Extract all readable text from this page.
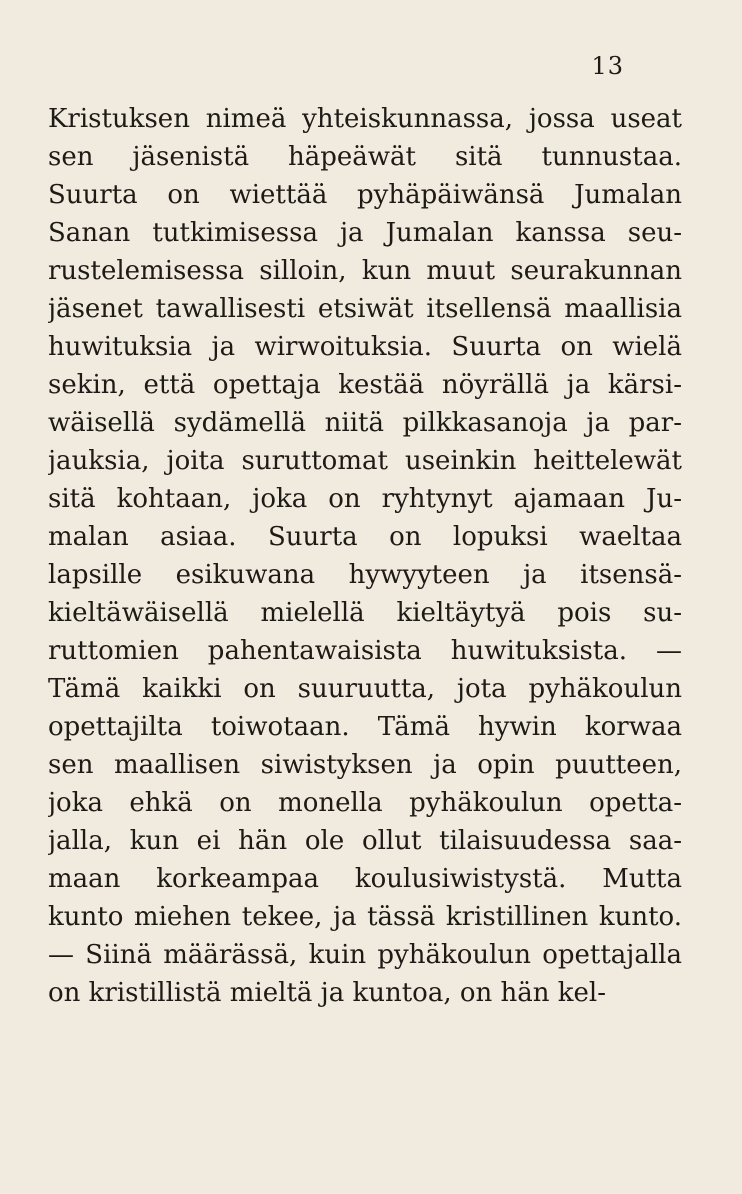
13
Kristuksen nimeä yhteiskunnassa, jossa useat
sen jäsenistä häpeäwät sitä tunnustaa.
Suurta on wiettää pyhäpäiwänsä Jumalan
Sanan tutkimisessa ja Jumalan kanssa seu-
rustelemisessa silloin, kun muut seurakunnan
jäsenet tawallisesti etsiwät itsellensä maallisia
huwituksia ja wirwoituksia. Suurta on wielä
sekin, että opettaja kestää nöyrällä ja kärsi-
wäisellä sydämellä niitä pilkkasanoja ja par-
jauksia, joita suruttomat useinkin heittelewät
sitä kohtaan, joka on ryhtynyt ajamaan Ju-
malan asiaa. Suurta on lopuksi waeltaa
lapsille esikuwana hywyyteen ja itsensä-
kieltäwäisellä mielellä kieltäytyä pois su-
ruttomien pahentawaisista huwituksista. —
Tämä kaikki on suuruutta, jota pyhäkoulun
opettajilta toiwotaan. Tämä hywin korwaa
sen maallisen siwistyksen ja opin puutteen,
joka ehkä on monella pyhäkoulun opetta-
jalla, kun ei hän ole ollut tilaisuudessa saa-
maan korkeampaa koulusiwistystä. Mutta
kunto miehen tekee, ja tässä kristillinen kunto.
— Siinä määrässä, kuin pyhäkoulun opettajalla
on kristillistä mieltä ja kuntoa, on hän kel-
